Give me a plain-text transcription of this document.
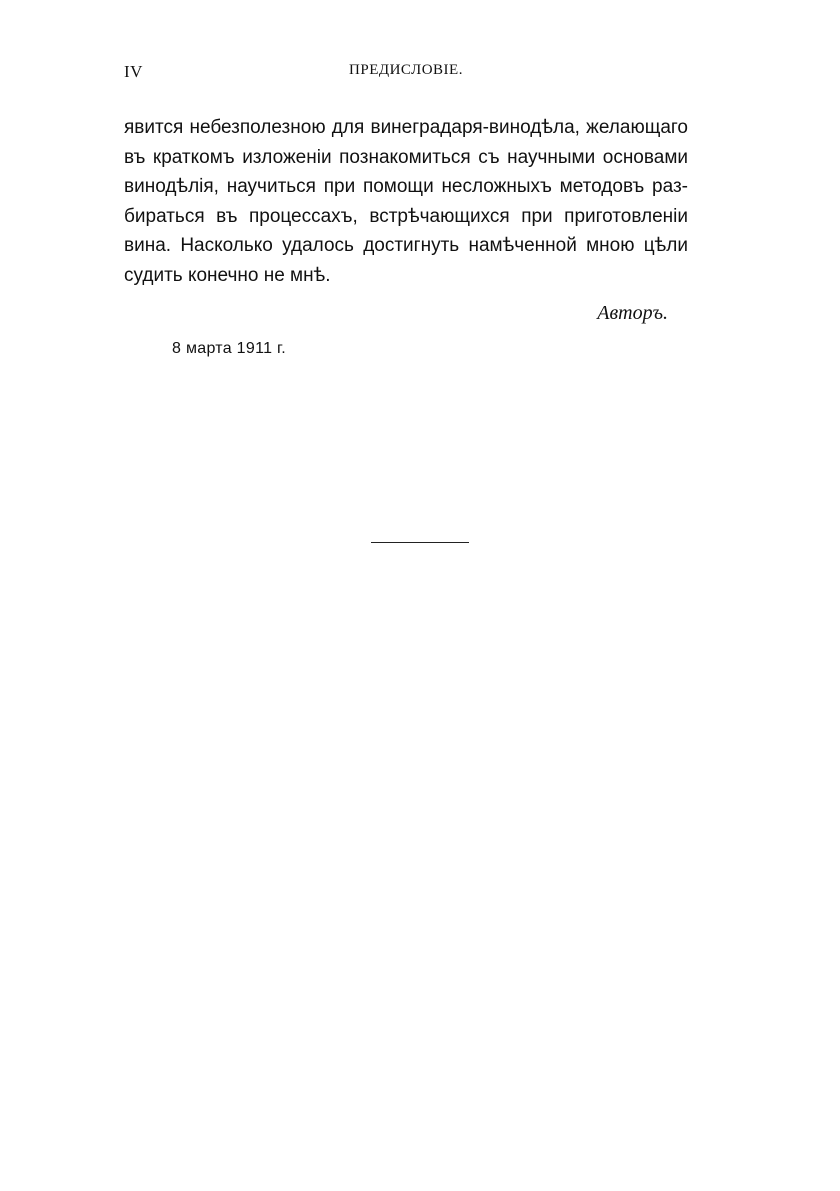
IV	ПРЕДИСЛОВІЕ.
явится небезполезною для винеградаря-винодѣла, желающаго
въ краткомъ изложенiи познакомиться съ научными основами
винодѣлія, научиться при помощи несложныхъ методовъ раз-
бираться въ процессахъ, встрѣчающихся при приготовленiи
вина. Насколько удалось достигнуть намѣченной мною цѣли
судить конечно не мнѣ.
Авторъ.
8 марта 1911 г.
